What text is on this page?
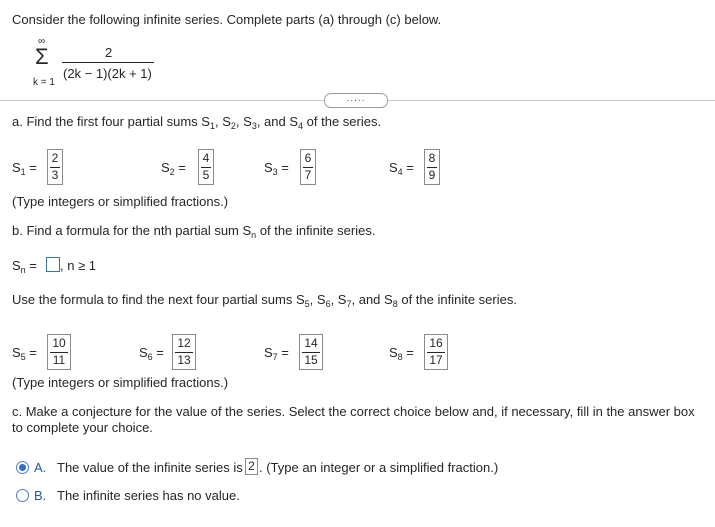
Consider the following infinite series. Complete parts (a) through (c) below.
∞
Σ
k = 1
2
(2k − 1)(2k + 1)
.....
a. Find the first four partial sums $S_1$, $S_2$, $S_3$, and $S_4$ of the series.
$S_1$ =
2
3	$S_2$ =
4
5	$S_3$ =
6
7	$S_4$ =
8
9
(Type integers or simplified fractions.)
b. Find a formula for the nth partial sum $S_n$ of the infinite series.
$S_n$ = , n ≥ 1
Use the formula to find the next four partial sums $S_5$, $S_6$, $S_7$, and $S_8$ of the infinite series.
$S_5$ =
10
11	$S_6$ =
12
13	$S_7$ =
14
15	$S_8$ =
16
17
(Type integers or simplified fractions.)
c. Make a conjecture for the value of the series. Select the correct choice below and, if necessary, fill in the answer box
to complete your choice.
A. The value of the infinite series is 2 . (Type an integer or a simplified fraction.)
B. The infinite series has no value.
